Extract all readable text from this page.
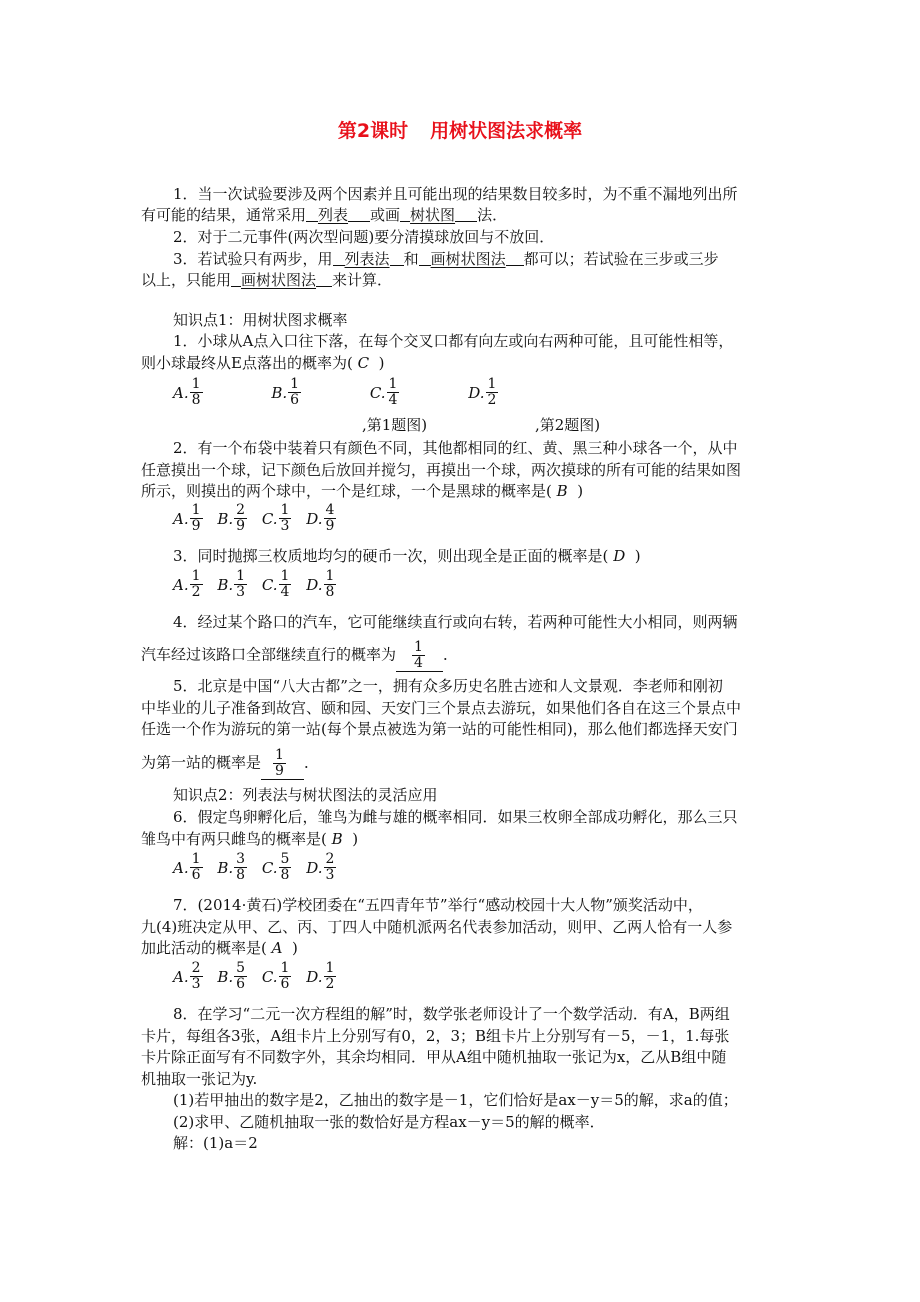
第2课时 用树状图法求概率
1．当一次试验要涉及两个因素并且可能出现的结果数目较多时，为不重不漏地列出所
有可能的结果，通常采用 列表 或画 树状图 法．
2．对于二元事件(两次型问题)要分清摸球放回与不放回．
3．若试验只有两步，用 列表法 和 画树状图法 都可以；若试验在三步或三步
以上，只能用 画树状图法 来计算．
知识点1：用树状图求概率
1．小球从A点入口往下落，在每个交叉口都有向左或向右两种可能，且可能性相等，
则小球最终从E点落出的概率为( C )
A. $\frac{1}{8}$
	B. $\frac{1}{6}$
	C. $\frac{1}{4}$
	D. $\frac{1}{2}$
,第1题图)	,第2题图)
2．有一个布袋中装着只有颜色不同，其他都相同的红、黄、黑三种小球各一个，从中
任意摸出一个球，记下颜色后放回并搅匀，再摸出一个球，两次摸球的所有可能的结果如图
所示，则摸出的两个球中，一个是红球，一个是黑球的概率是( B )
A. $\frac{1}{9}$
B. $\frac{2}{9}$
C. $\frac{1}{3}$
D. $\frac{4}{9}$
3．同时抛掷三枚质地均匀的硬币一次，则出现全是正面的概率是( D )
A. $\frac{1}{2}$
B. $\frac{1}{3}$
C. $\frac{1}{4}$
D. $\frac{1}{8}$
4．经过某个路口的汽车，它可能继续直行或向右转，若两种可能性大小相同，则两辆
汽车经过该路口全部继续直行的概率为 $\frac{1}{4}$ ．
5．北京是中国“八大古都”之一，拥有众多历史名胜古迹和人文景观．李老师和刚初
中毕业的儿子准备到故宫、颐和园、天安门三个景点去游玩，如果他们各自在这三个景点中
任选一个作为游玩的第一站(每个景点被选为第一站的可能性相同)，那么他们都选择天安门
为第一站的概率是 $\frac{1}{9}$ ．
知识点2：列表法与树状图法的灵活应用
6．假定鸟卵孵化后，雏鸟为雌与雄的概率相同．如果三枚卵全部成功孵化，那么三只
雏鸟中有两只雌鸟的概率是( B )
A. $\frac{1}{6}$
B. $\frac{3}{8}$
C. $\frac{5}{8}$
D. $\frac{2}{3}$
7．(2014·黄石)学校团委在“五四青年节”举行“感动校园十大人物”颁奖活动中，
九(4)班决定从甲、乙、丙、丁四人中随机派两名代表参加活动，则甲、乙两人恰有一人参
加此活动的概率是( A )
A. $\frac{2}{3}$
B. $\frac{5}{6}$
C. $\frac{1}{6}$
D. $\frac{1}{2}$
8．在学习“二元一次方程组的解”时，数学张老师设计了一个数学活动．有A，B两组
卡片，每组各3张，A组卡片上分别写有0，2，3；B组卡片上分别写有－5，－1，1.每张
卡片除正面写有不同数字外，其余均相同．甲从A组中随机抽取一张记为x，乙从B组中随
机抽取一张记为y.
(1)若甲抽出的数字是2，乙抽出的数字是－1，它们恰好是ax－y＝5的解，求a的值；
(2)求甲、乙随机抽取一张的数恰好是方程ax－y＝5的解的概率．
解：(1)a＝2
